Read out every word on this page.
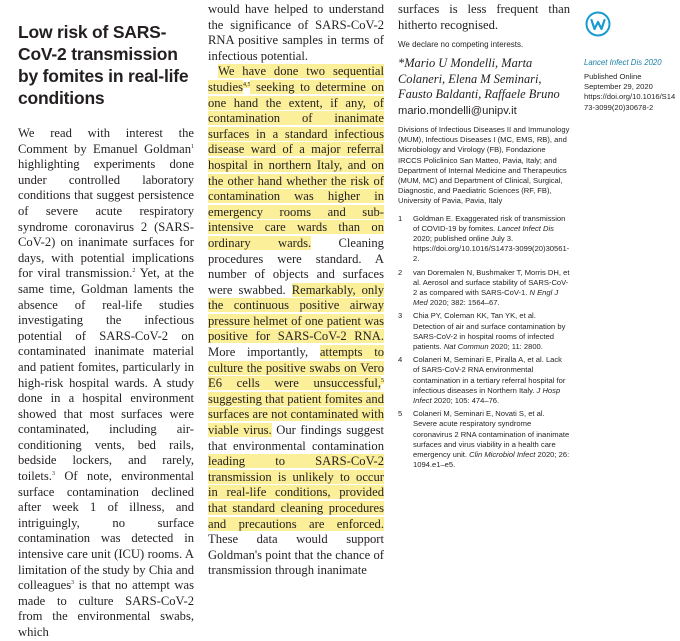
Low risk of SARS-CoV-2 transmission by fomites in real-life conditions

We read with interest the Comment by Emanuel Goldman$^1$ highlighting experiments done under controlled laboratory conditions that suggest persistence of severe acute respiratory syndrome coronavirus 2 (SARS-CoV-2) on inanimate surfaces for days, with potential implications for viral transmission.$^2$ Yet, at the same time, Goldman laments the absence of real-life studies investigating the infectious potential of SARS-CoV-2 on contaminated inanimate material and patient fomites, particularly in high-risk hospital wards. A study done in a hospital environment showed that most surfaces were contaminated, including air-conditioning vents, bed rails, bedside lockers, and rarely, toilets.$^3$ Of note, environmental surface contamination declined after week 1 of illness, and intriguingly, no surface contamination was detected in intensive care unit (ICU) rooms. A limitation of the study by Chia and colleagues$^3$ is that no attempt was made to culture SARS-CoV-2 from the environmental swabs, which

would have helped to understand the significance of SARS-CoV-2 RNA positive samples in terms of infectious potential.

We have done two sequential studies$^{4,5}$ seeking to determine on one hand the extent, if any, of contamination of inanimate surfaces in a standard infectious disease ward of a major referral hospital in northern Italy, and on the other hand whether the risk of contamination was higher in emergency rooms and sub-intensive care wards than on ordinary wards. Cleaning procedures were standard. A number of objects and surfaces were swabbed. Remarkably, only the continuous positive airway pressure helmet of one patient was positive for SARS-CoV-2 RNA. More importantly, attempts to culture the positive swabs on Vero E6 cells were unsuccessful,$^5$ suggesting that patient fomites and surfaces are not contaminated with viable virus. Our findings suggest that environmental contamination leading to SARS-CoV-2 transmission is unlikely to occur in real-life conditions, provided that standard cleaning procedures and precautions are enforced. These data would support Goldman's point that the chance of transmission through inanimate

surfaces is less frequent than hitherto recognised.

We declare no competing interests.

*Mario U Mondelli, Marta Colaneri, Elena M Seminari, Fausto Baldanti, Raffaele Bruno

mario.mondelli@unipv.it

Divisions of Infectious Diseases II and Immunology (MUM), Infectious Diseases I (MC, EMS, RB), and Microbiology and Virology (FB), Fondazione IRCCS Policlinico San Matteo, Pavia, Italy; and Department of Internal Medicine and Therapeutics (MUM, MC) and Department of Clinical, Surgical, Diagnostic, and Paediatric Sciences (RF, FB), University of Pavia, Pavia, Italy

1 Goldman E. Exaggerated risk of transmission of COVID-19 by fomites. Lancet Infect Dis 2020; published online July 3. https://doi.org/10.1016/S1473-3099(20)30561-2.
2 van Doremalen N, Bushmaker T, Morris DH, et al. Aerosol and surface stability of SARS-CoV-2 as compared with SARS-CoV-1. N Engl J Med 2020; 382: 1564–67.
3 Chia PY, Coleman KK, Tan YK, et al. Detection of air and surface contamination by SARS-CoV-2 in hospital rooms of infected patients. Nat Commun 2020; 11: 2800.
4 Colaneri M, Seminari E, Piralla A, et al. Lack of SARS-CoV-2 RNA environmental contamination in a tertiary referral hospital for infectious diseases in Northern Italy. J Hosp Infect 2020; 105: 474–76.
5 Colaneri M, Seminari E, Novati S, et al. Severe acute respiratory syndrome coronavirus 2 RNA contamination of inanimate surfaces and virus viability in a health care emergency unit. Clin Microbiol Infect 2020; 26: 1094.e1–e5.

Lancet Infect Dis 2020

Published Online

September 29, 2020

https://doi.org/10.1016/S1473-3099(20)30678-2
